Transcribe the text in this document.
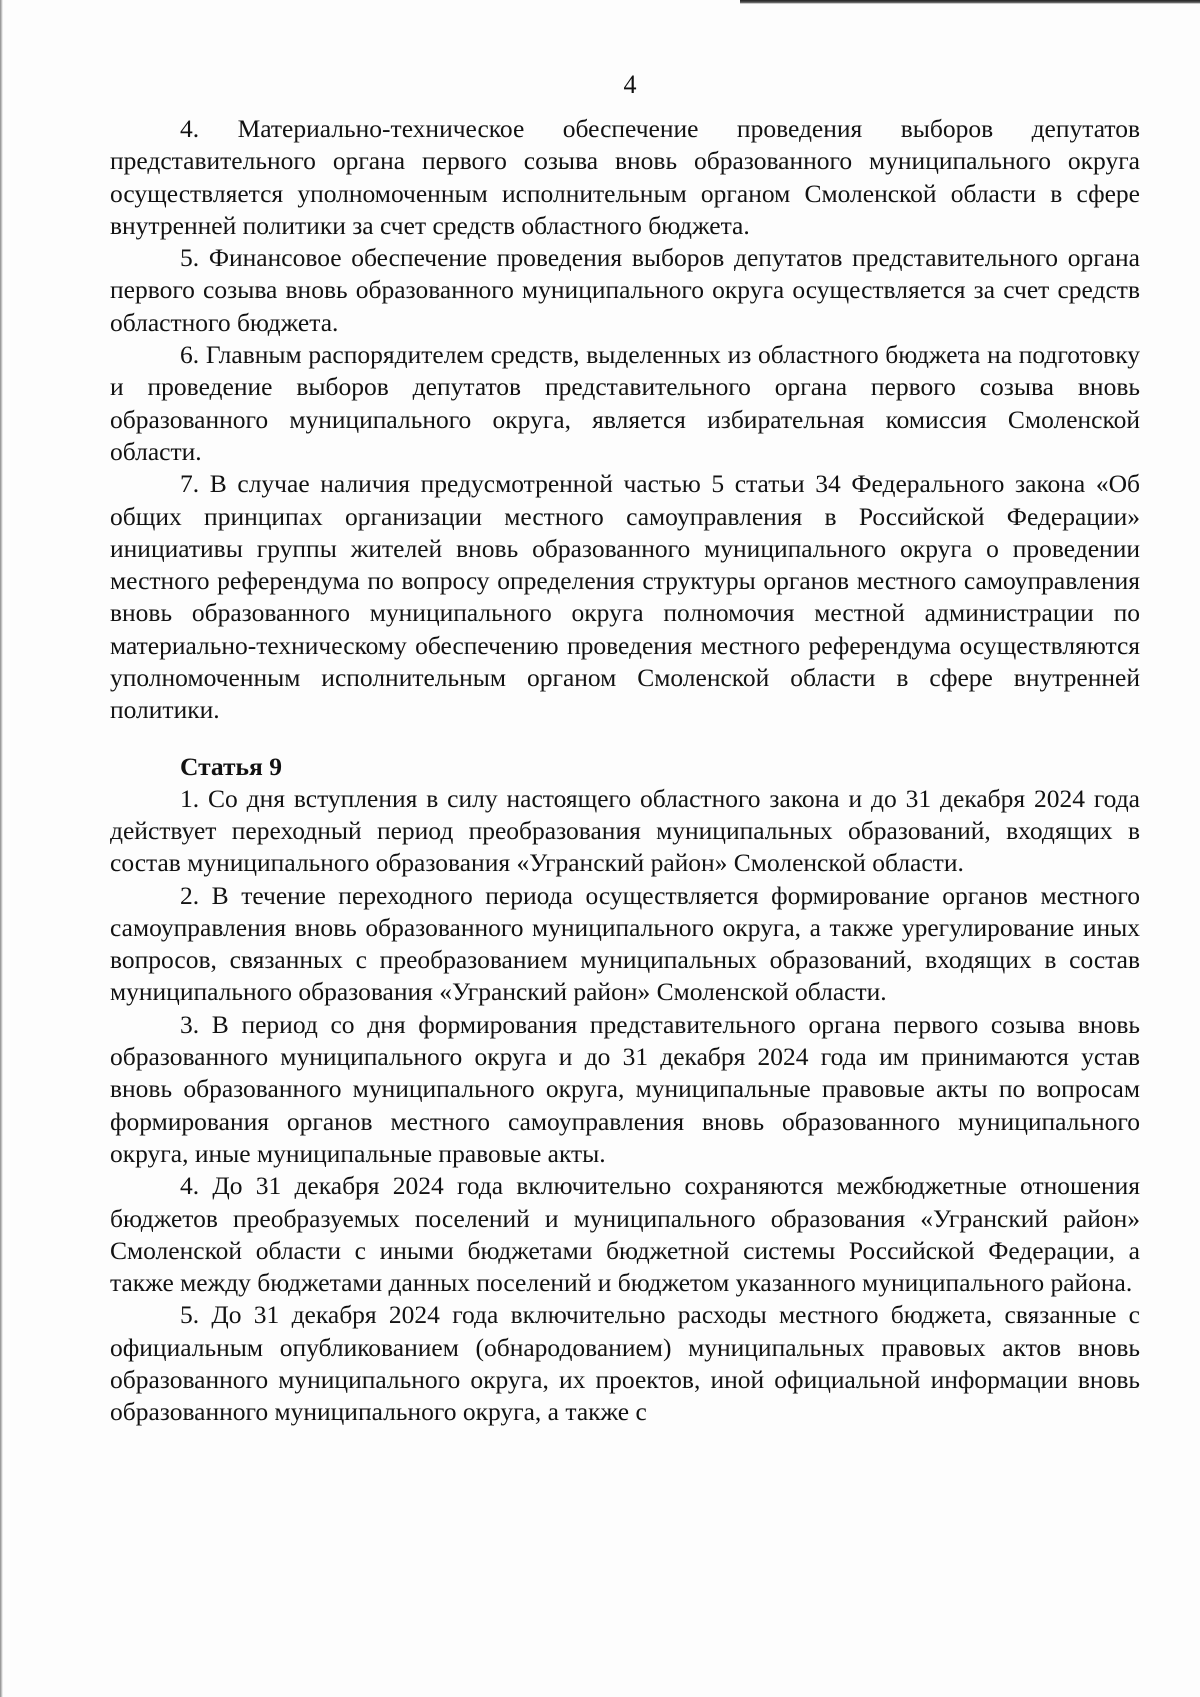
4

4. Материально-техническое обеспечение проведения выборов депутатов представительного органа первого созыва вновь образованного муниципального округа осуществляется уполномоченным исполнительным органом Смоленской области в сфере внутренней политики за счет средств областного бюджета.

5. Финансовое обеспечение проведения выборов депутатов представительного органа первого созыва вновь образованного муниципального округа осуществляется за счет средств областного бюджета.

6. Главным распорядителем средств, выделенных из областного бюджета на подготовку и проведение выборов депутатов представительного органа первого созыва вновь образованного муниципального округа, является избирательная комиссия Смоленской области.

7. В случае наличия предусмотренной частью 5 статьи 34 Федерального закона «Об общих принципах организации местного самоуправления в Российской Федерации» инициативы группы жителей вновь образованного муниципального округа о проведении местного референдума по вопросу определения структуры органов местного самоуправления вновь образованного муниципального округа полномочия местной администрации по материально-техническому обеспечению проведения местного референдума осуществляются уполномоченным исполнительным органом Смоленской области в сфере внутренней политики.

Статья 9

1. Со дня вступления в силу настоящего областного закона и до 31 декабря 2024 года действует переходный период преобразования муниципальных образований, входящих в состав муниципального образования «Угранский район» Смоленской области.

2. В течение переходного периода осуществляется формирование органов местного самоуправления вновь образованного муниципального округа, а также урегулирование иных вопросов, связанных с преобразованием муниципальных образований, входящих в состав муниципального образования «Угранский район» Смоленской области.

3. В период со дня формирования представительного органа первого созыва вновь образованного муниципального округа и до 31 декабря 2024 года им принимаются устав вновь образованного муниципального округа, муниципальные правовые акты по вопросам формирования органов местного самоуправления вновь образованного муниципального округа, иные муниципальные правовые акты.

4. До 31 декабря 2024 года включительно сохраняются межбюджетные отношения бюджетов преобразуемых поселений и муниципального образования «Угранский район» Смоленской области с иными бюджетами бюджетной системы Российской Федерации, а также между бюджетами данных поселений и бюджетом указанного муниципального района.

5. До 31 декабря 2024 года включительно расходы местного бюджета, связанные с официальным опубликованием (обнародованием) муниципальных правовых актов вновь образованного муниципального округа, их проектов, иной официальной информации вновь образованного муниципального округа, а также с
